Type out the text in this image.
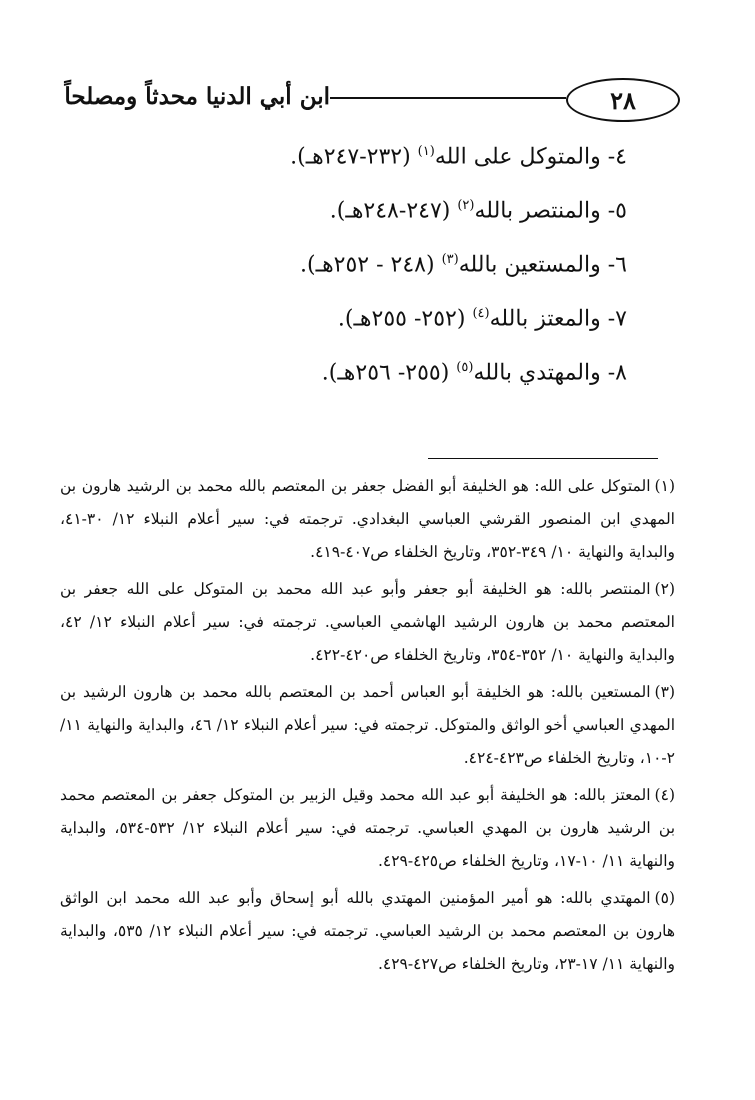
٢٨
ابن أبي الدنيا محدثاً ومصلحاً
٤- والمتوكل على الله$^{(١)}$ (٢٣٢-٢٤٧هـ).
٥- والمنتصر بالله$^{(٢)}$ (٢٤٧-٢٤٨هـ).
٦- والمستعين بالله$^{(٣)}$ (٢٤٨ - ٢٥٢هـ).
٧- والمعتز بالله$^{(٤)}$ (٢٥٢- ٢٥٥هـ).
٨- والمهتدي بالله$^{(٥)}$ (٢٥٥- ٢٥٦هـ).

(١)المتوكل على الله: هو الخليفة أبو الفضل جعفر بن المعتصم بالله محمد بن الرشيد هارون بن المهدي ابن المنصور القرشي العباسي البغدادي. ترجمته في: سير أعلام النبلاء ١٢/ ٣٠-٤١، والبداية والنهاية ١٠/ ٣٤٩-٣٥٢، وتاريخ الخلفاء ص٤٠٧-٤١٩.

(٢)المنتصر بالله: هو الخليفة أبو جعفر وأبو عبد الله محمد بن المتوكل على الله جعفر بن المعتصم محمد بن هارون الرشيد الهاشمي العباسي. ترجمته في: سير أعلام النبلاء ١٢/ ٤٢، والبداية والنهاية ١٠/ ٣٥٢-٣٥٤، وتاريخ الخلفاء ص٤٢٠-٤٢٢.

(٣)المستعين بالله: هو الخليفة أبو العباس أحمد بن المعتصم بالله محمد بن هارون الرشيد بن المهدي العباسي أخو الواثق والمتوكل. ترجمته في: سير أعلام النبلاء ١٢/ ٤٦، والبداية والنهاية ١١/ ٢-١٠، وتاريخ الخلفاء ص٤٢٣-٤٢٤.

(٤)المعتز بالله: هو الخليفة أبو عبد الله محمد وقيل الزبير بن المتوكل جعفر بن المعتصم محمد بن الرشيد هارون بن المهدي العباسي. ترجمته في: سير أعلام النبلاء ١٢/ ٥٣٢-٥٣٤، والبداية والنهاية ١١/ ١٠-١٧، وتاريخ الخلفاء ص٤٢٥-٤٢٩.

(٥)المهتدي بالله: هو أمير المؤمنين المهتدي بالله أبو إسحاق وأبو عبد الله محمد ابن الواثق هارون بن المعتصم محمد بن الرشيد العباسي. ترجمته في: سير أعلام النبلاء ١٢/ ٥٣٥، والبداية والنهاية ١١/ ١٧-٢٣، وتاريخ الخلفاء ص٤٢٧-٤٢٩.
